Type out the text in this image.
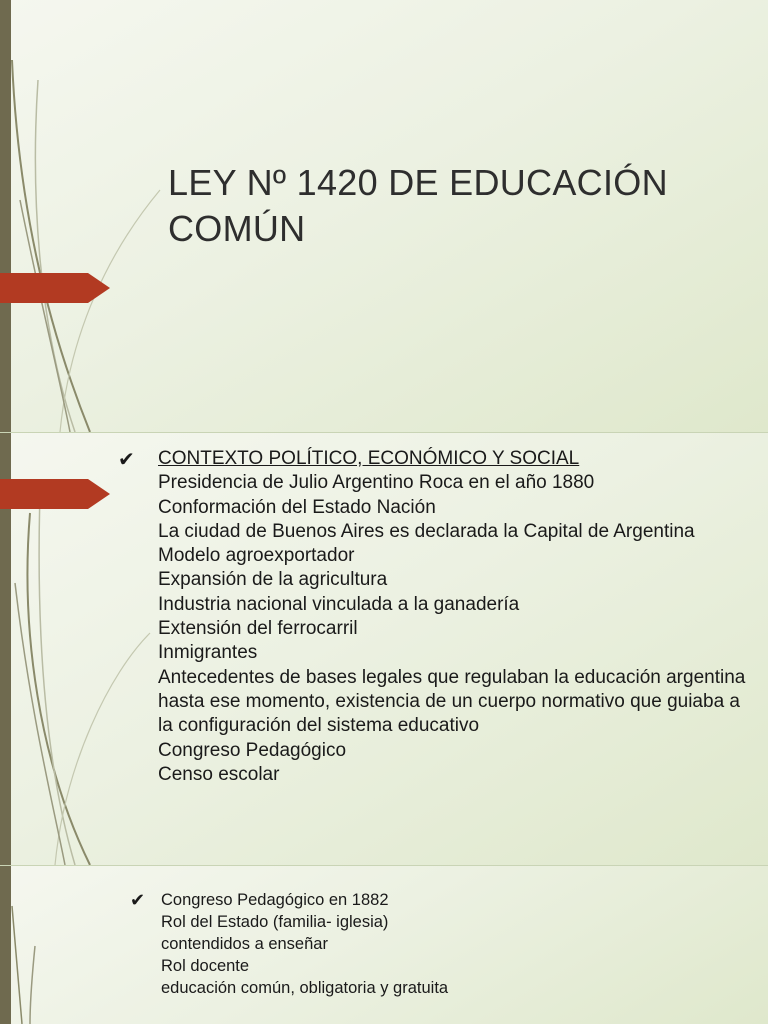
LEY Nº 1420 DE EDUCACIÓN COMÚN
✔ CONTEXTO POLÍTICO, ECONÓMICO Y SOCIAL
Presidencia de Julio Argentino Roca en el año 1880
Conformación del Estado Nación
La ciudad de Buenos Aires es declarada la Capital de Argentina
Modelo agroexportador
Expansión de la agricultura
Industria nacional vinculada a la ganadería
Extensión del ferrocarril
Inmigrantes
Antecedentes de bases legales que regulaban la educación argentina hasta ese momento, existencia de un cuerpo normativo que guiaba a la configuración del sistema educativo
Congreso Pedagógico
Censo escolar
✔ Congreso Pedagógico en 1882
Rol del Estado (familia- iglesia)
contendidos a enseñar
Rol docente
educación común, obligatoria y gratuita
